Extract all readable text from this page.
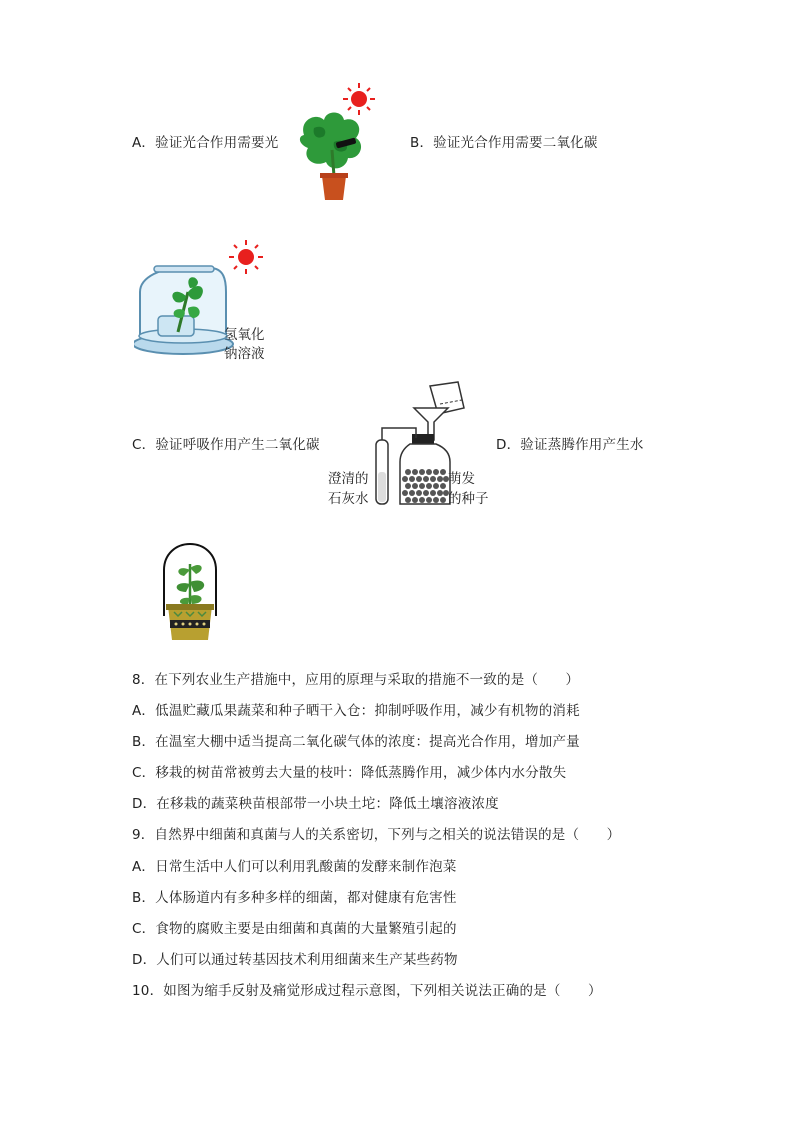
A．验证光合作用需要光	B．验证光合作用需要二氧化碳
氢氧化
钠溶液
C．验证呼吸作用产生二氧化碳
澄清的
石灰水
萌发
的种子
D．验证蒸腾作用产生水
8．在下列农业生产措施中，应用的原理与采取的措施不一致的是（　　）
A．低温贮藏瓜果蔬菜和种子晒干入仓：抑制呼吸作用，减少有机物的消耗
B．在温室大棚中适当提高二氧化碳气体的浓度：提高光合作用，增加产量
C．移栽的树苗常被剪去大量的枝叶：降低蒸腾作用，减少体内水分散失
D．在移栽的蔬菜秧苗根部带一小块土坨：降低土壤溶液浓度
9．自然界中细菌和真菌与人的关系密切，下列与之相关的说法错误的是（　　）
A．日常生活中人们可以利用乳酸菌的发酵来制作泡菜
B．人体肠道内有多种多样的细菌，都对健康有危害性
C．食物的腐败主要是由细菌和真菌的大量繁殖引起的
D．人们可以通过转基因技术利用细菌来生产某些药物
10．如图为缩手反射及痛觉形成过程示意图，下列相关说法正确的是（　　）
